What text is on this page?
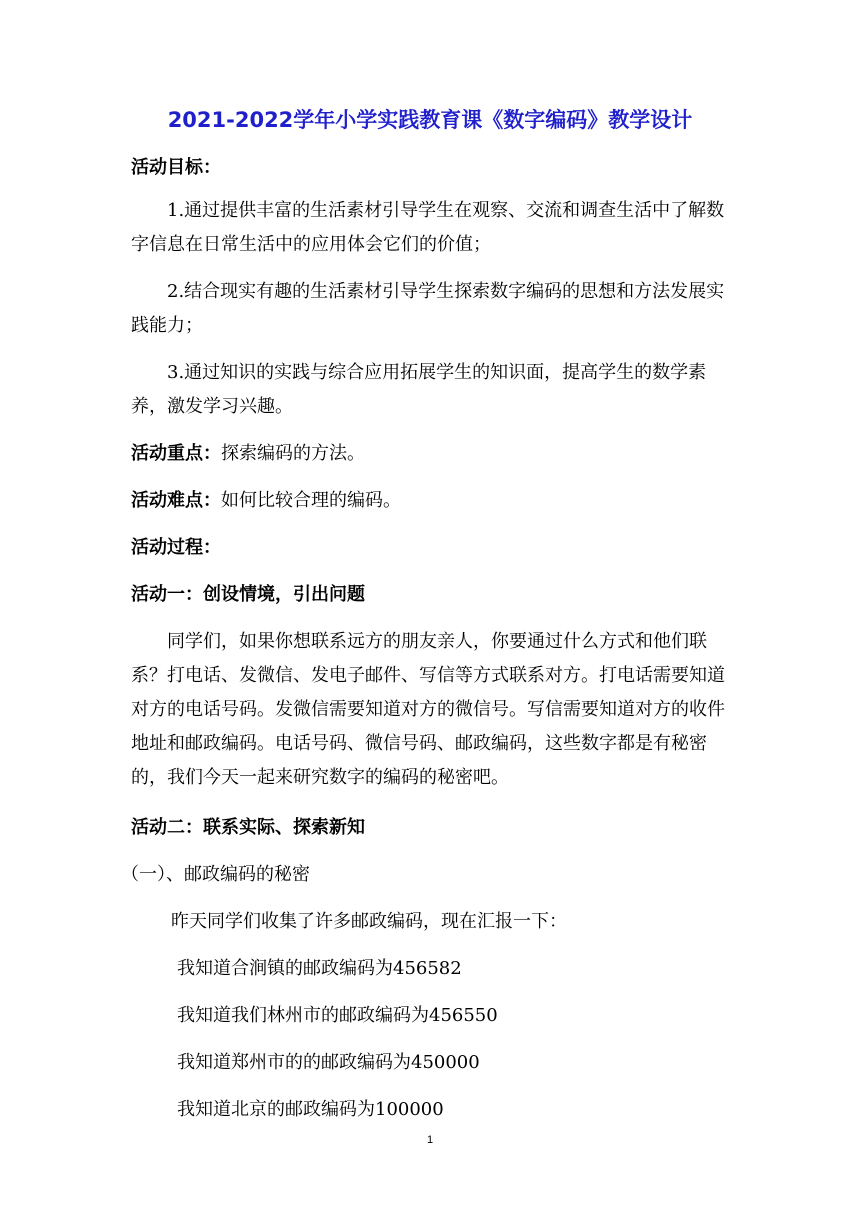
2021-2022学年小学实践教育课《数字编码》教学设计

活动目标：

1.通过提供丰富的生活素材引导学生在观察、交流和调查生活中了解数字信息在日常生活中的应用体会它们的价值；

2.结合现实有趣的生活素材引导学生探索数字编码的思想和方法发展实践能力；

3.通过知识的实践与综合应用拓展学生的知识面，提高学生的数学素养，激发学习兴趣。

活动重点：探索编码的方法。

活动难点：如何比较合理的编码。

活动过程：

活动一：创设情境，引出问题

同学们，如果你想联系远方的朋友亲人，你要通过什么方式和他们联系？打电话、发微信、发电子邮件、写信等方式联系对方。打电话需要知道对方的电话号码。发微信需要知道对方的微信号。写信需要知道对方的收件地址和邮政编码。电话号码、微信号码、邮政编码，这些数字都是有秘密的，我们今天一起来研究数字的编码的秘密吧。

活动二：联系实际、探索新知

（一）、邮政编码的秘密

昨天同学们收集了许多邮政编码，现在汇报一下：

我知道合涧镇的邮政编码为456582

我知道我们林州市的邮政编码为456550

我知道郑州市的的邮政编码为450000

我知道北京的邮政编码为100000

1
